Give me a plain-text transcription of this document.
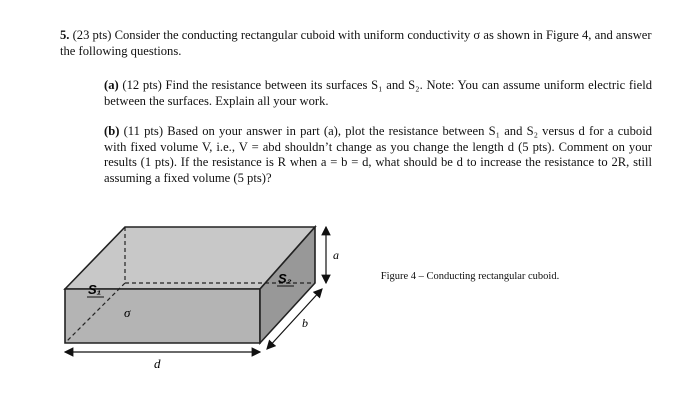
5. (23 pts) Consider the conducting rectangular cuboid with uniform conductivity σ as shown in Figure 4, and answer the following questions.
(a) (12 pts) Find the resistance between its surfaces S₁ and S₂. Note: You can assume uniform electric field between the surfaces. Explain all your work.
(b) (11 pts) Based on your answer in part (a), plot the resistance between S₁ and S₂ versus d for a cuboid with fixed volume V, i.e., V = abd shouldn’t change as you change the length d (5 pts). Comment on your results (1 pts). If the resistance is R when a = b = d, what should be d to increase the resistance to 2R, still assuming a fixed volume (5 pts)?
a
b
d
S₁
S₂
σ
Figure 4 – Conducting rectangular cuboid.
